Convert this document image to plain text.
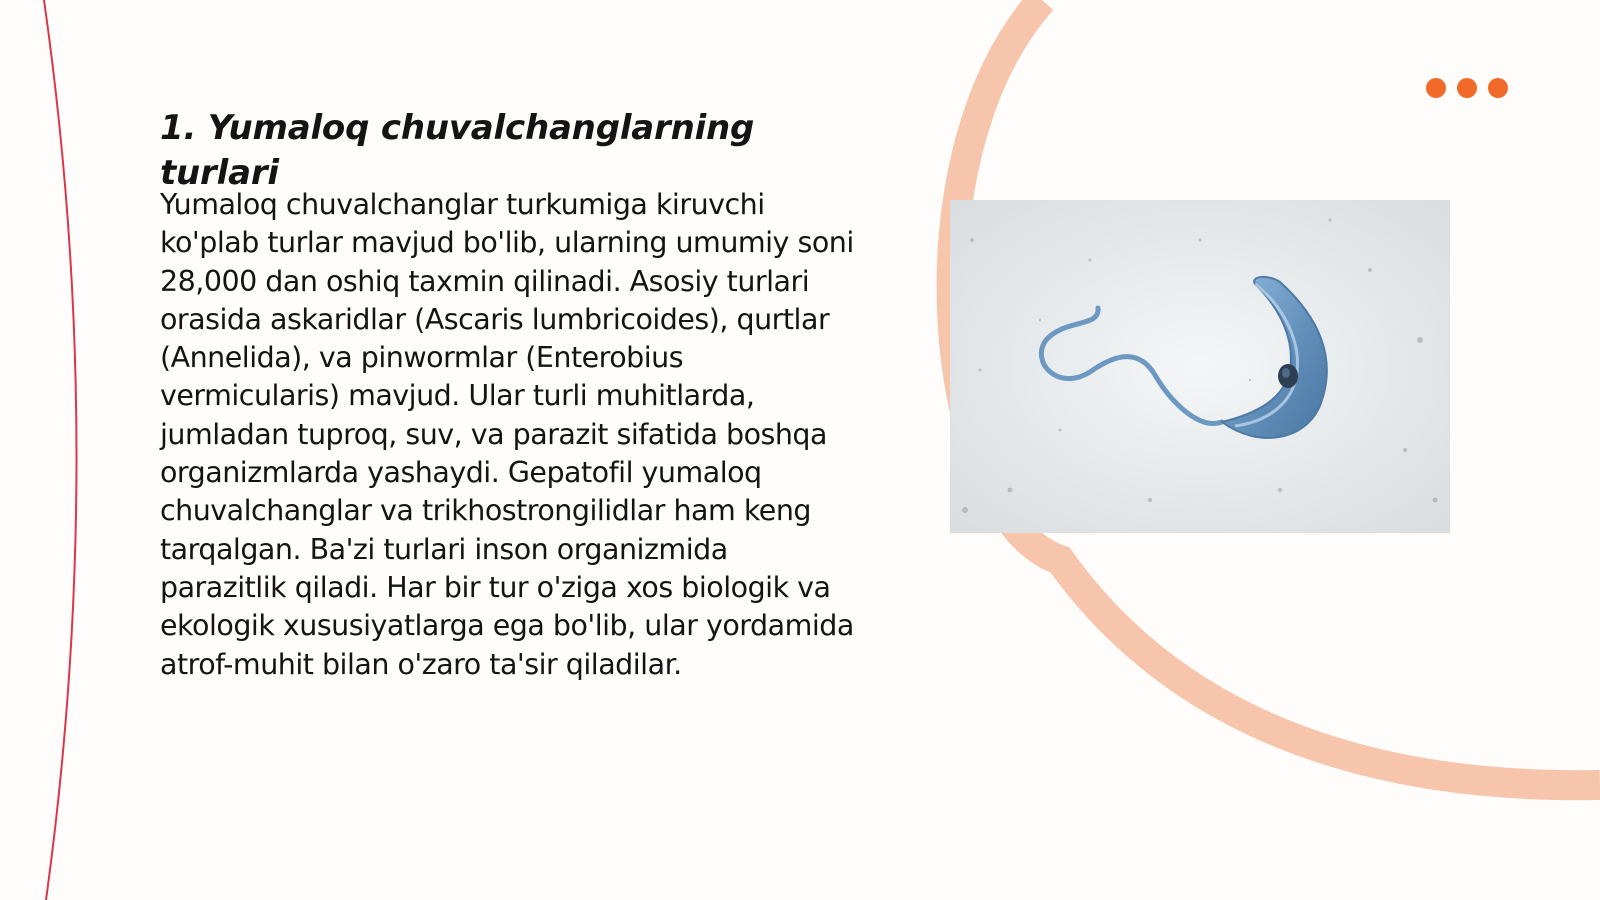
1. Yumaloq chuvalchanglarning turlari

Yumaloq chuvalchanglar turkumiga kiruvchi ko'plab turlar mavjud bo'lib, ularning umumiy soni 28,000 dan oshiq taxmin qilinadi. Asosiy turlari orasida askaridlar (Ascaris lumbricoides), qurtlar (Annelida), va pinwormlar (Enterobius vermicularis) mavjud. Ular turli muhitlarda, jumladan tuproq, suv, va parazit sifatida boshqa organizmlarda yashaydi. Gepatofil yumaloq chuvalchanglar va trikhostrongilidlar ham keng tarqalgan. Ba'zi turlari inson organizmida parazitlik qiladi. Har bir tur o'ziga xos biologik va ekologik xususiyatlarga ega bo'lib, ular yordamida atrof-muhit bilan o'zaro ta'sir qiladilar.
